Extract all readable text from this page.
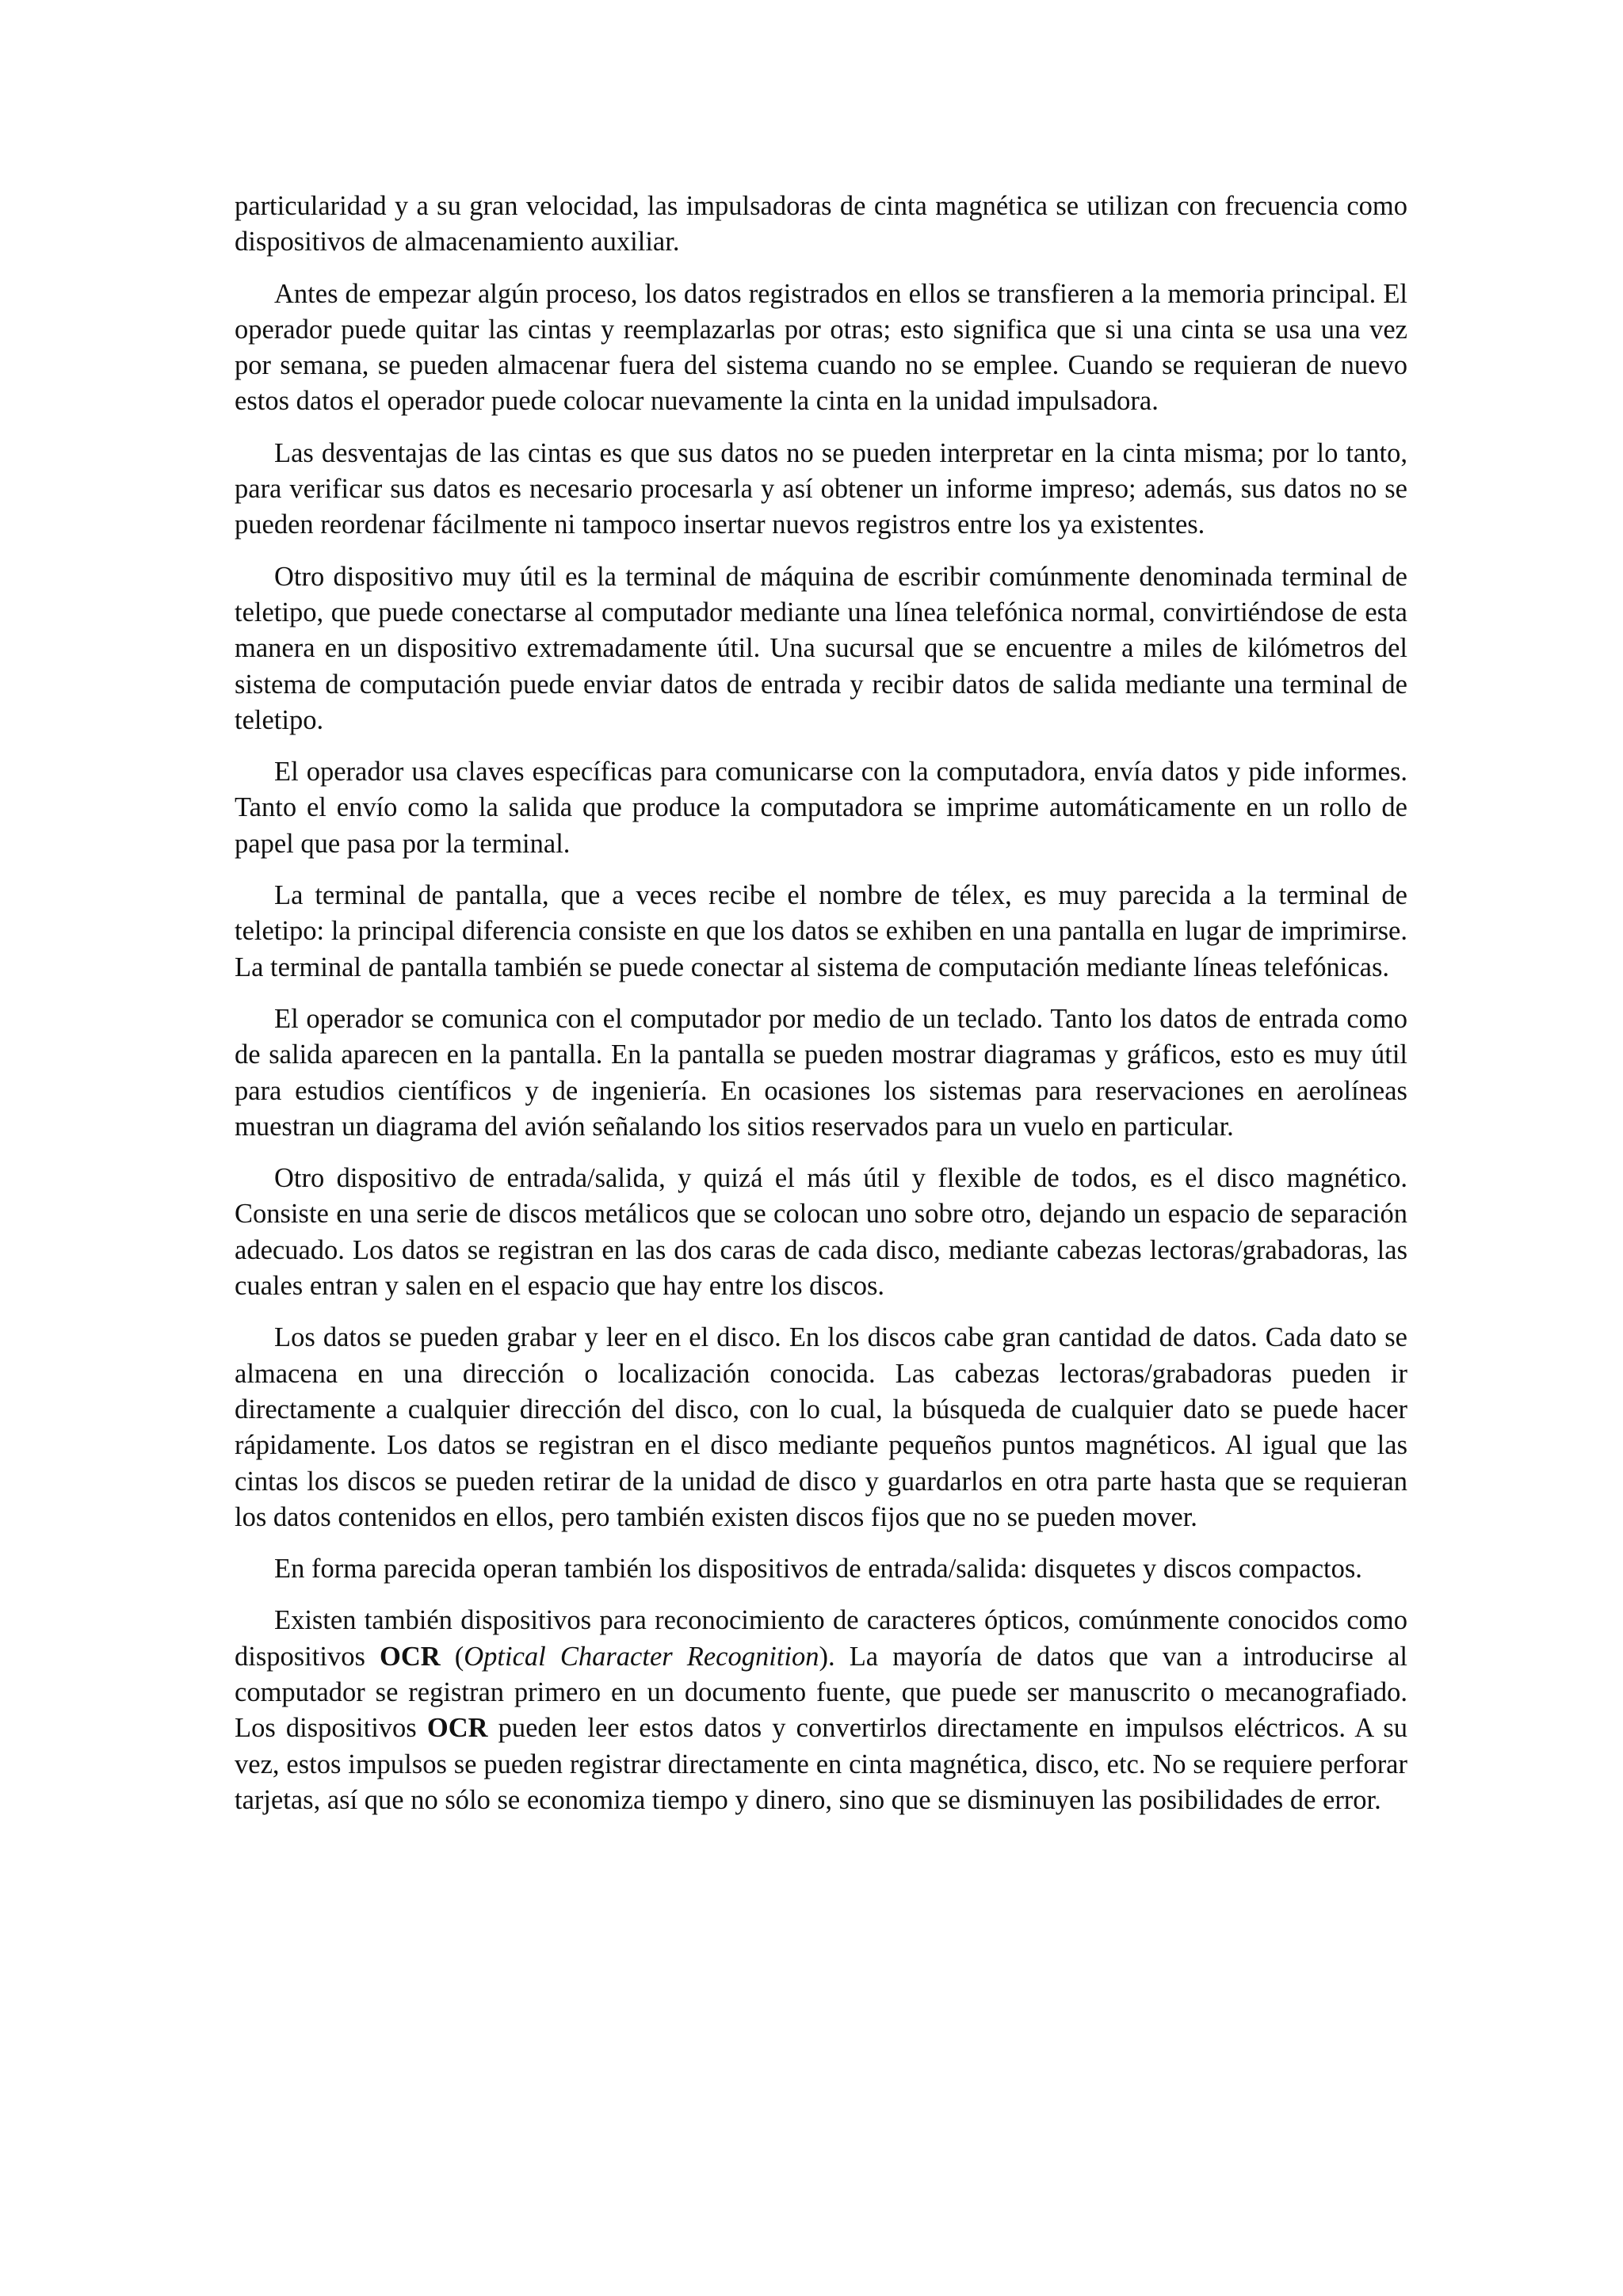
particularidad y a su gran velocidad, las impulsadoras de cinta magnética se utilizan con frecuencia como dispositivos de almacenamiento auxiliar.

Antes de empezar algún proceso, los datos registrados en ellos se transfieren a la memoria principal. El operador puede quitar las cintas y reemplazarlas por otras; esto significa que si una cinta se usa una vez por semana, se pueden almacenar fuera del sistema cuando no se emplee. Cuando se requieran de nuevo estos datos el operador puede colocar nuevamente la cinta en la unidad impulsadora.

Las desventajas de las cintas es que sus datos no se pueden interpretar en la cinta misma; por lo tanto, para verificar sus datos es necesario procesarla y así obtener un informe impreso; además, sus datos no se pueden reordenar fácilmente ni tampoco insertar nuevos registros entre los ya existentes.

Otro dispositivo muy útil es la terminal de máquina de escribir comúnmente denominada terminal de teletipo, que puede conectarse al computador mediante una línea telefónica normal, convirtiéndose de esta manera en un dispositivo extremadamente útil. Una sucursal que se encuentre a miles de kilómetros del sistema de computación puede enviar datos de entrada y recibir datos de salida mediante una terminal de teletipo.

El operador usa claves específicas para comunicarse con la computadora, envía datos y pide informes. Tanto el envío como la salida que produce la computadora se imprime automáticamente en un rollo de papel que pasa por la terminal.

La terminal de pantalla, que a veces recibe el nombre de télex, es muy parecida a la terminal de teletipo: la principal diferencia consiste en que los datos se exhiben en una pantalla en lugar de imprimirse. La terminal de pantalla también se puede conectar al sistema de computación mediante líneas telefónicas.

El operador se comunica con el computador por medio de un teclado. Tanto los datos de entrada como de salida aparecen en la pantalla. En la pantalla se pueden mostrar diagramas y gráficos, esto es muy útil para estudios científicos y de ingeniería. En ocasiones los sistemas para reservaciones en aerolíneas muestran un diagrama del avión señalando los sitios reservados para un vuelo en particular.

Otro dispositivo de entrada/salida, y quizá el más útil y flexible de todos, es el disco magnético. Consiste en una serie de discos metálicos que se colocan uno sobre otro, dejando un espacio de separación adecuado. Los datos se registran en las dos caras de cada disco, mediante cabezas lectoras/grabadoras, las cuales entran y salen en el espacio que hay entre los discos.

Los datos se pueden grabar y leer en el disco. En los discos cabe gran cantidad de datos. Cada dato se almacena en una dirección o localización conocida. Las cabezas lectoras/grabadoras pueden ir directamente a cualquier dirección del disco, con lo cual, la búsqueda de cualquier dato se puede hacer rápidamente. Los datos se registran en el disco mediante pequeños puntos magnéticos. Al igual que las cintas los discos se pueden retirar de la unidad de disco y guardarlos en otra parte hasta que se requieran los datos contenidos en ellos, pero también existen discos fijos que no se pueden mover.

En forma parecida operan también los dispositivos de entrada/salida: disquetes y discos compactos.

Existen también dispositivos para reconocimiento de caracteres ópticos, comúnmente conocidos como dispositivos OCR (Optical Character Recognition). La mayoría de datos que van a introducirse al computador se registran primero en un documento fuente, que puede ser manuscrito o mecanografiado. Los dispositivos OCR pueden leer estos datos y convertirlos directamente en impulsos eléctricos. A su vez, estos impulsos se pueden registrar directamente en cinta magnética, disco, etc. No se requiere perforar tarjetas, así que no sólo se economiza tiempo y dinero, sino que se disminuyen las posibilidades de error.
